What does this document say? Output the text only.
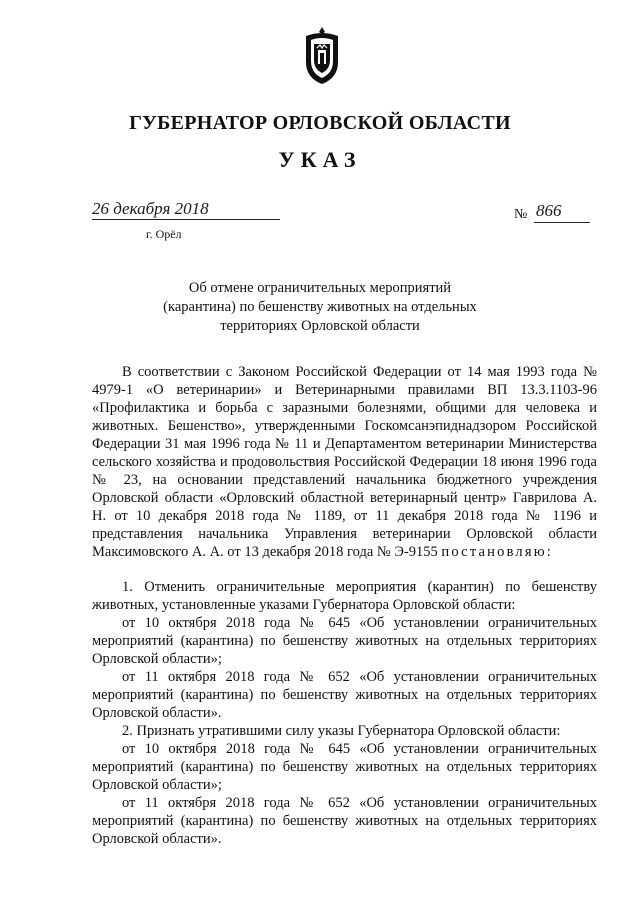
ГУБЕРНАТОР ОРЛОВСКОЙ ОБЛАСТИ
УКАЗ
26 декабря 2018
г. Орёл
№ 866
Об отмене ограничительных мероприятий
(карантина) по бешенству животных на отдельных
территориях Орловской области

В соответствии с Законом Российской Федерации от 14 мая 1993 года № 4979-1 «О ветеринарии» и Ветеринарными правилами ВП 13.3.1103-96 «Профилактика и борьба с заразными болезнями, общими для человека и животных. Бешенство», утвержденными Госкомсанэпиднадзором Российской Федерации 31 мая 1996 года № 11 и Департаментом ветеринарии Министерства сельского хозяйства и продовольствия Российской Федерации 18 июня 1996 года № 23, на основании представлений начальника бюджетного учреждения Орловской области «Орловский областной ветеринарный центр» Гаврилова А. Н. от 10 декабря 2018 года № 1189, от 11 декабря 2018 года № 1196 и представления начальника Управления ветеринарии Орловской области Максимовского А. А. от 13 декабря 2018 года № Э-9155 постановляю:

1. Отменить ограничительные мероприятия (карантин) по бешенству животных, установленные указами Губернатора Орловской области:

от 10 октября 2018 года № 645 «Об установлении ограничительных мероприятий (карантина) по бешенству животных на отдельных территориях Орловской области»;

от 11 октября 2018 года № 652 «Об установлении ограничительных мероприятий (карантина) по бешенству животных на отдельных территориях Орловской области».

2. Признать утратившими силу указы Губернатора Орловской области:

от 10 октября 2018 года № 645 «Об установлении ограничительных мероприятий (карантина) по бешенству животных на отдельных территориях Орловской области»;

от 11 октября 2018 года № 652 «Об установлении ограничительных мероприятий (карантина) по бешенству животных на отдельных территориях Орловской области».
